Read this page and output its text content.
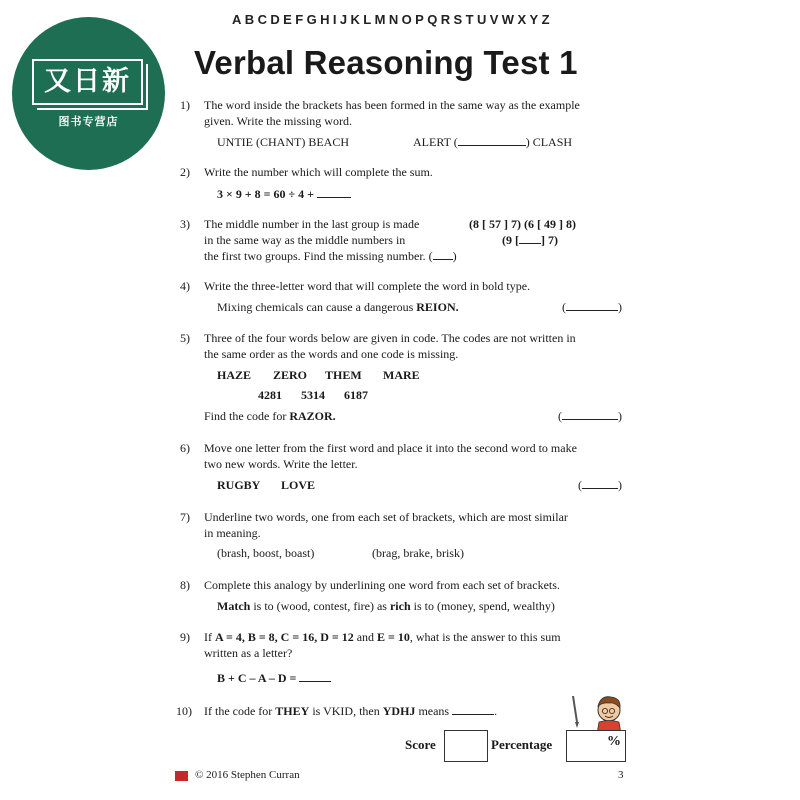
又日新
图书专营店
ABCDEFGHIJKLMNOPQRSTUVWXYZ
Verbal Reasoning Test 1
1)	The word inside the brackets has been formed in the same way as the example
given. Write the missing word.
UNTIE (CHANT) BEACH	ALERT (	) CLASH
2)	Write the number which will complete the sum.
3 × 9 + 8 = 60 ÷ 4 +
3)	The middle number in the last group is made
in the same way as the middle numbers in
the first two groups. Find the missing number. ( )
(8 [ 57 ] 7) (6 [ 49 ] 8)
(9 [ ] 7)
4)	Write the three-letter word that will complete the word in bold type.
Mixing chemicals can cause a dangerous REION.	(	)
5)	Three of the four words below are given in code. The codes are not written in
the same order as the words and one code is missing.
HAZE ZERO THEM MARE
4281 5314 6187
Find the code for RAZOR.	(	)
6)	Move one letter from the first word and place it into the second word to make
two new words. Write the letter.
RUGBY LOVE	(	)
7)	Underline two words, one from each set of brackets, which are most similar
in meaning.
(brash, boost, boast)	(brag, brake, brisk)
8)	Complete this analogy by underlining one word from each set of brackets.
Match is to (wood, contest, fire) as rich is to (money, spend, wealthy)
9)	If A = 4, B = 8, C = 16, D = 12 and E = 10, what is the answer to this sum
written as a letter?
B + C – A – D =
10)	If the code for THEY is VKID, then YDHJ means	.
Score	Percentage	%
© 2016 Stephen Curran	3
